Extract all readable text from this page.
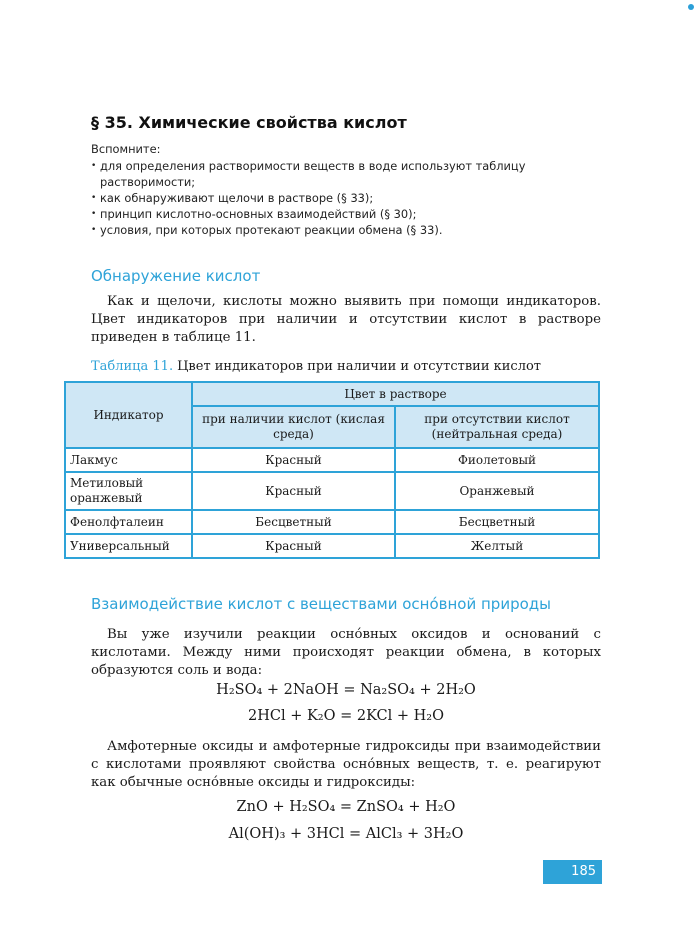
§ 35. Химические свойства кислот
Вспомните:
• для определения растворимости веществ в воде используют таблицу растворимости;
• как обнаруживают щелочи в растворе (§ 33);
• принцип кислотно-основных взаимодействий (§ 30);
• условия, при которых протекают реакции обмена (§ 33).
Обнаружение кислот

Как и щелочи, кислоты можно выявить при помощи индикаторов. Цвет индикаторов при наличии и отсутствии кислот в растворе приведен в таблице 11.

Таблица 11. Цвет индикаторов при наличии и отсутствии кислот
Индикатор	Цвет в растворе	
	при наличии кислот (кислая среда)	при отсутствии кислот (нейтральная среда)
Лакмус	Красный	Фиолетовый
Метиловый оранжевый	Красный	Оранжевый
Фенолфталеин	Бесцветный	Бесцветный
Универсальный	Красный	Желтый
Взаимодействие кислот с веществами осно́вной природы

Вы уже изучили реакции осно́вных оксидов и оснований с кислотами. Между ними происходят реакции обмена, в которых образуются соль и вода:

H₂SO₄ + 2NaOH = Na₂SO₄ + 2H₂O
2HCl + K₂O = 2KCl + H₂O

Амфотерные оксиды и амфотерные гидроксиды при взаимодействии с кислотами проявляют свойства осно́вных веществ, т. е. реагируют как обычные осно́вные оксиды и гидроксиды:

ZnO + H₂SO₄ = ZnSO₄ + H₂O
Al(OH)₃ + 3HCl = AlCl₃ + 3H₂O
185
